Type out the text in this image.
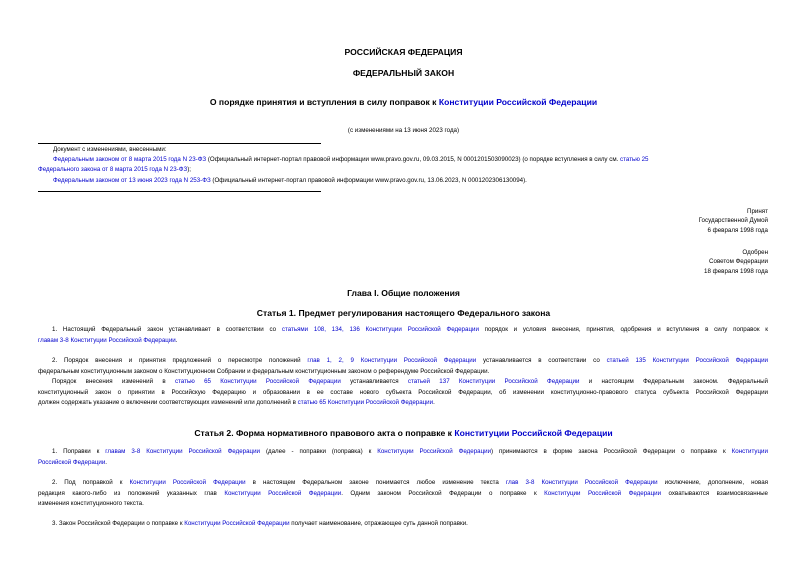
РОССИЙСКАЯ ФЕДЕРАЦИЯ
ФЕДЕРАЛЬНЫЙ ЗАКОН
О порядке принятия и вступления в силу поправок к Конституции Российской Федерации
(с изменениями на 13 июня 2023 года)
Документ с изменениями, внесенными:
Федеральным законом от 8 марта 2015 года N 23-ФЗ (Официальный интернет-портал правовой информации www.pravo.gov.ru, 09.03.2015, N 0001201503090023) (о порядке вступления в силу см. статью 25
Федерального закона от 8 марта 2015 года N 23-ФЗ);
Федеральным законом от 13 июня 2023 года N 253-ФЗ (Официальный интернет-портал правовой информации www.pravo.gov.ru, 13.06.2023, N 0001202306130094).
Принят
Государственной Думой
6 февраля 1998 года
Одобрен
Советом Федерации
18 февраля 1998 года
Глава I. Общие положения
Статья 1. Предмет регулирования настоящего Федерального закона
1. Настоящий Федеральный закон устанавливает в соответствии со статьями 108, 134, 136 Конституции Российской Федерации порядок и условия внесения, принятия, одобрения и вступления в силу поправок к
главам 3-8 Конституции Российской Федерации.
2. Порядок внесения и принятия предложений о пересмотре положений глав 1, 2, 9 Конституции Российской Федерации устанавливается в соответствии со статьей 135 Конституции Российской Федерации
федеральным конституционным законом о Конституционном Собрании и федеральным конституционным законом о референдуме Российской Федерации.
Порядок внесения изменений в статью 65 Конституции Российской Федерации устанавливается статьей 137 Конституции Российской Федерации и настоящим Федеральным законом. Федеральный
конституционный закон о принятии в Российскую Федерацию и образовании в ее составе нового субъекта Российской Федерации, об изменении конституционно-правового статуса субъекта Российской Федерации
должен содержать указание о включении соответствующих изменений или дополнений в статью 65 Конституции Российской Федерации.
Статья 2. Форма нормативного правового акта о поправке к Конституции Российской Федерации
1. Поправки к главам 3-8 Конституции Российской Федерации (далее - поправки (поправка) к Конституции Российской Федерации) принимаются в форме закона Российской Федерации о поправке к Конституции
Российской Федерации.
2. Под поправкой к Конституции Российской Федерации в настоящем Федеральном законе понимается любое изменение текста глав 3-8 Конституции Российской Федерации исключение, дополнение, новая
редакция какого-либо из положений указанных глав Конституции Российской Федерации. Одним законом Российской Федерации о поправке к Конституции Российской Федерации охватываются взаимосвязанные
изменения конституционного текста.
3. Закон Российской Федерации о поправке к Конституции Российской Федерации получает наименование, отражающее суть данной поправки.
